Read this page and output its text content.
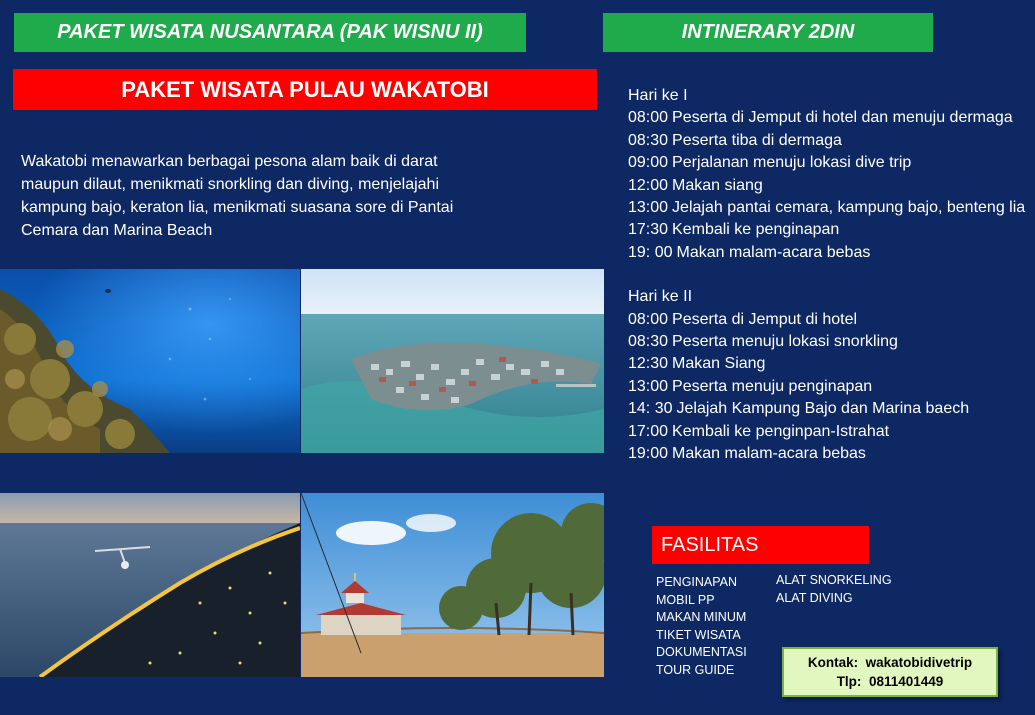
PAKET WISATA NUSANTARA (PAK WISNU II)	INTINERARY 2DIN
PAKET WISATA PULAU WAKATOBI
Wakatobi menawarkan berbagai pesona alam baik di darat maupun dilaut, menikmati snorkling dan diving, menjelajahi kampung bajo, keraton lia, menikmati suasana sore di Pantai Cemara dan Marina Beach
Hari ke I
08:00 Peserta di Jemput di hotel dan menuju dermaga
08:30 Peserta tiba di dermaga
09:00 Perjalanan menuju lokasi dive trip
12:00 Makan siang
13:00 Jelajah pantai cemara, kampung bajo, benteng lia
17:30 Kembali ke penginapan
19: 00 Makan malam-acara bebas
Hari ke II
08:00 Peserta di Jemput di hotel
08:30 Peserta menuju lokasi snorkling
12:30 Makan Siang
13:00 Peserta menuju penginapan
14: 30 Jelajah Kampung Bajo dan Marina baech
17:00 Kembali ke penginpan-Istrahat
19:00 Makan malam-acara bebas
FASILITAS
PENGINAPAN
MOBIL PP
MAKAN MINUM
TIKET WISATA
DOKUMENTASI
TOUR GUIDE
ALAT SNORKELING
ALAT DIVING
Kontak: wakatobidivetrip
Tlp: 0811401449
